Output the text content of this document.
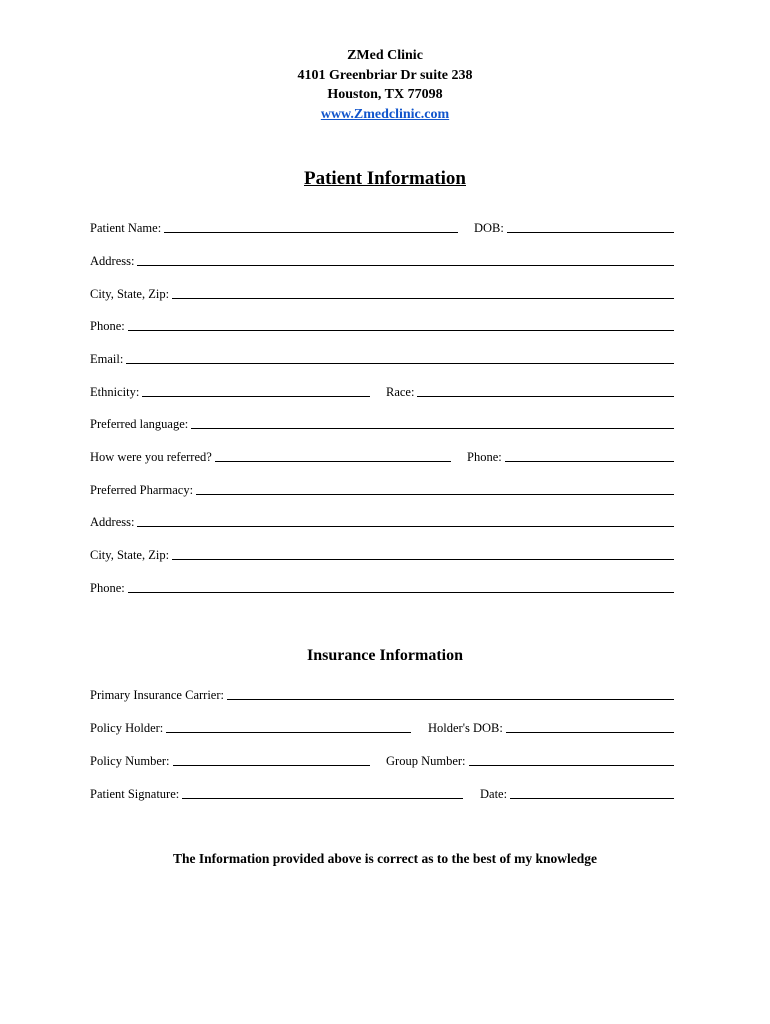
ZMed Clinic
4101 Greenbriar Dr suite 238
Houston, TX 77098
www.Zmedclinic.com
Patient Information
Patient Name:	DOB:
Address:
City, State, Zip:
Phone:
Email:
Ethnicity:	Race:
Preferred language:
How were you referred?	Phone:
Preferred Pharmacy:
Address:
City, State, Zip:
Phone:
Insurance Information
Primary Insurance Carrier:
Policy Holder:	Holder's DOB:
Policy Number:	Group Number:
Patient Signature:	Date:
The Information provided above is correct as to the best of my knowledge
